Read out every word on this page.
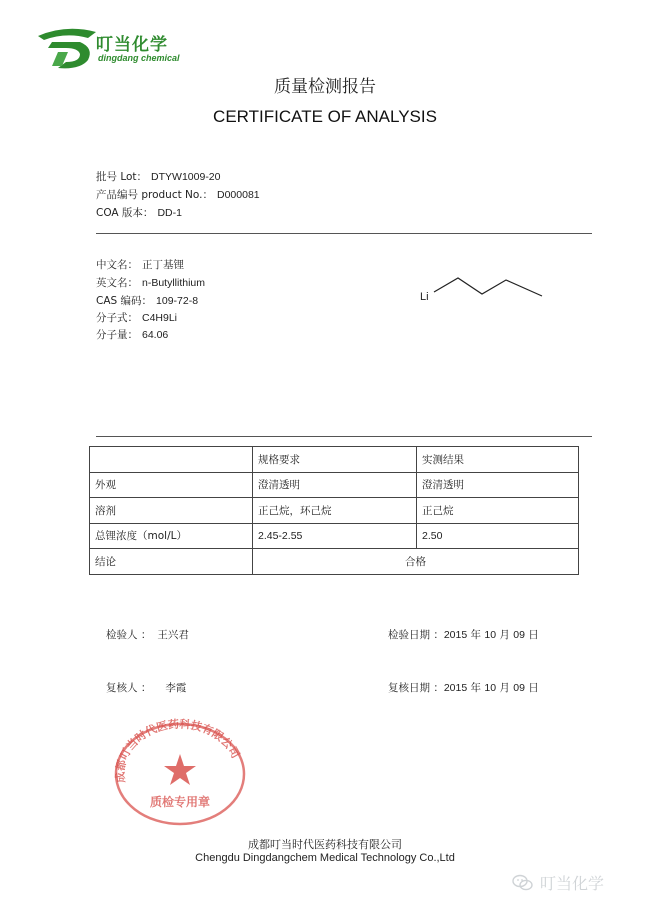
叮当化学
dingdang chemical
质量检测报告
CERTIFICATE OF ANALYSIS
批号 Lot： DTYW1009-20
产品编号 product No.： D000081
COA 版本： DD-1
中文名： 正丁基锂
英文名： n-Butyllithium
CAS 编码： 109-72-8
分子式： C4H9Li
分子量： 64.06
Li
	规格要求	实测结果
外观	澄清透明	澄清透明
溶剂	正己烷，环己烷	正己烷
总锂浓度（mol/L）	2.45-2.55	2.50
结论	合格	
检验人 ： 王兴君	检验日期 ：2015 年 10 月 09 日
复核人 ： 李霞	复核日期 ：2015 年 10 月 09 日
成都叮当时代医药科技有限公司
质检专用章
成都叮当时代医药科技有限公司
Chengdu Dingdangchem Medical Technology Co.,Ltd
叮当化学
